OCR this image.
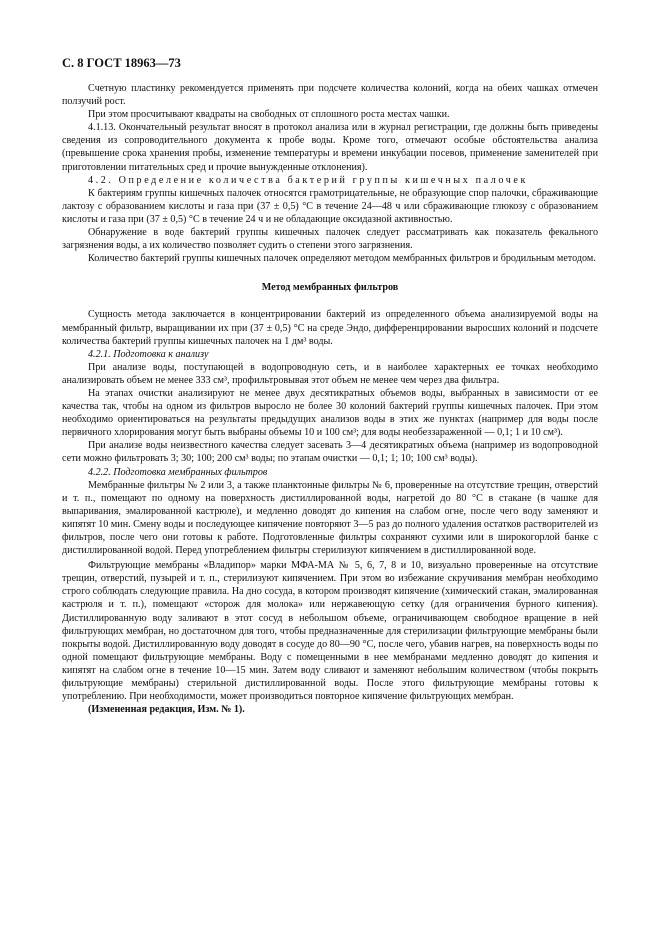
С. 8 ГОСТ 18963—73

Счетную пластинку рекомендуется применять при подсчете количества колоний, когда на обеих чашках отмечен ползучий рост.

При этом просчитывают квадраты на свободных от сплошного роста местах чашки.

4.1.13. Окончательный результат вносят в протокол анализа или в журнал регистрации, где должны быть приведены сведения из сопроводительного документа к пробе воды. Кроме того, отмечают особые обстоятельства анализа (превышение срока хранения пробы, изменение температуры и времени инкубации посевов, применение заменителей при приготовлении питательных сред и прочие вынужденные отклонения).

4.2. Определение количества бактерий группы кишечных палочек

К бактериям группы кишечных палочек относятся грамотрицательные, не образующие спор палочки, сбраживающие лактозу с образованием кислоты и газа при (37 ± 0,5) °С в течение 24—48 ч или сбраживающие глюкозу с образованием кислоты и газа при (37 ± 0,5) °С в течение 24 ч и не обладающие оксидазной активностью.

Обнаружение в воде бактерий группы кишечных палочек следует рассматривать как показатель фекального загрязнения воды, а их количество позволяет судить о степени этого загрязнения.

Количество бактерий группы кишечных палочек определяют методом мембранных фильтров и бродильным методом.

Метод мембранных фильтров

Сущность метода заключается в концентрировании бактерий из определенного объема анализируемой воды на мембранный фильтр, выращивании их при (37 ± 0,5) °С на среде Эндо, дифференцировании выросших колоний и подсчете количества бактерий группы кишечных палочек на 1 дм³ воды.

4.2.1. Подготовка к анализу

При анализе воды, поступающей в водопроводную сеть, и в наиболее характерных ее точках необходимо анализировать объем не менее 333 см³, профильтровывая этот объем не менее чем через два фильтра.

На этапах очистки анализируют не менее двух десятикратных объемов воды, выбранных в зависимости от ее качества так, чтобы на одном из фильтров выросло не более 30 колоний бактерий группы кишечных палочек. При этом необходимо ориентироваться на результаты предыдущих анализов воды в этих же пунктах (например для воды после первичного хлорирования могут быть выбраны объемы 10 и 100 см³; для воды необеззараженной — 0,1; 1 и 10 см³).

При анализе воды неизвестного качества следует засевать 3—4 десятикратных объема (например из водопроводной сети можно фильтровать 3; 30; 100; 200 см³ воды; по этапам очистки — 0,1; 1; 10; 100 см³ воды).

4.2.2. Подготовка мембранных фильтров

Мембранные фильтры № 2 или 3, а также планктонные фильтры № 6, проверенные на отсутствие трещин, отверстий и т. п., помещают по одному на поверхность дистиллированной воды, нагретой до 80 °С в стакане (в чашке для выпаривания, эмалированной кастрюле), и медленно доводят до кипения на слабом огне, после чего воду заменяют и кипятят 10 мин. Смену воды и последующее кипячение повторяют 3—5 раз до полного удаления остатков растворителей из фильтров, после чего они готовы к работе. Подготовленные фильтры сохраняют сухими или в широкогорлой банке с дистиллированной водой. Перед употреблением фильтры стерилизуют кипячением в дистиллированной воде.

Фильтрующие мембраны «Владипор» марки МФА-МА № 5, 6, 7, 8 и 10, визуально проверенные на отсутствие трещин, отверстий, пузырей и т. п., стерилизуют кипячением. При этом во избежание скручивания мембран необходимо строго соблюдать следующие правила. На дно сосуда, в котором производят кипячение (химический стакан, эмалированная кастрюля и т. п.), помещают «сторож для молока» или нержавеющую сетку (для ограничения бурного кипения). Дистиллированную воду заливают в этот сосуд в небольшом объеме, ограничивающем свободное вращение в ней фильтрующих мембран, но достаточном для того, чтобы предназначенные для стерилизации фильтрующие мембраны были покрыты водой. Дистиллированную воду доводят в сосуде до 80—90 °С, после чего, убавив нагрев, на поверхность воды по одной помещают фильтрующие мембраны. Воду с помещенными в нее мембранами медленно доводят до кипения и кипятят на слабом огне в течение 10—15 мин. Затем воду сливают и заменяют небольшим количеством (чтобы покрыть фильтрующие мембраны) стерильной дистиллированной воды. После этого фильтрующие мембраны готовы к употреблению. При необходимости, может производиться повторное кипячение фильтрующих мембран.

(Измененная редакция, Изм. № 1).
